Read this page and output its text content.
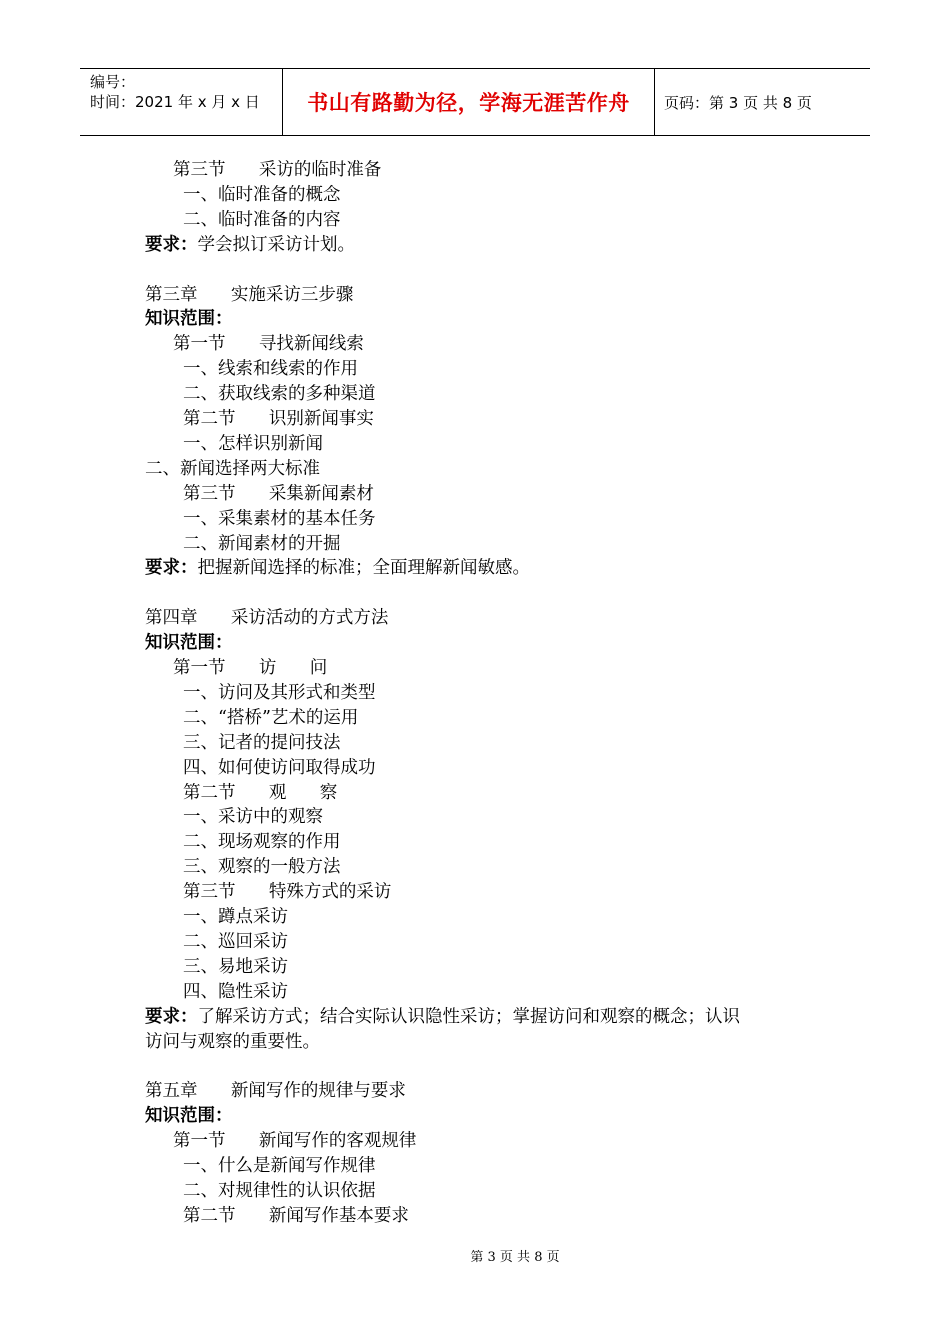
编号：
时间：2021 年 x 月 x 日	书山有路勤为径，学海无涯苦作舟	页码：第 3 页 共 8 页
第三节      采访的临时准备
一、临时准备的概念
二、临时准备的内容
要求：学会拟订采访计划。
第三章      实施采访三步骤
知识范围：
第一节      寻找新闻线索
一、线索和线索的作用
二、获取线索的多种渠道
第二节      识别新闻事实
一、怎样识别新闻
二、新闻选择两大标准
第三节      采集新闻素材
一、采集素材的基本任务
二、新闻素材的开掘
要求：把握新闻选择的标准；全面理解新闻敏感。
第四章      采访活动的方式方法
知识范围：
第一节      访      问
一、访问及其形式和类型
二、“搭桥”艺术的运用
三、记者的提问技法
四、如何使访问取得成功
第二节      观      察
一、采访中的观察
二、现场观察的作用
三、观察的一般方法
第三节      特殊方式的采访
一、蹲点采访
二、巡回采访
三、易地采访
四、隐性采访
要求：了解采访方式；结合实际认识隐性采访；掌握访问和观察的概念；认识
访问与观察的重要性。
第五章      新闻写作的规律与要求
知识范围：
第一节      新闻写作的客观规律
一、什么是新闻写作规律
二、对规律性的认识依据
第二节      新闻写作基本要求
第 3 页 共 8 页
